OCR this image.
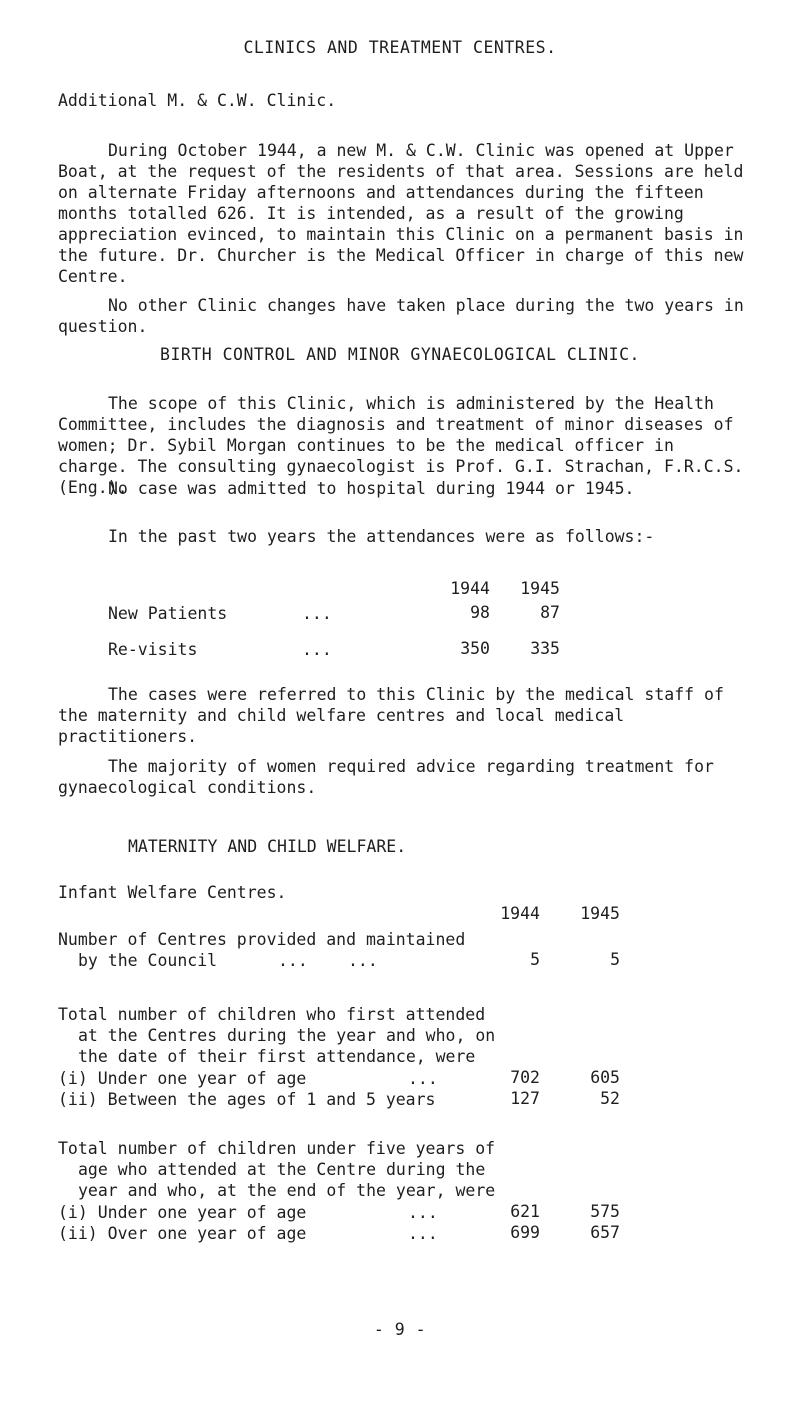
CLINICS AND TREATMENT CENTRES.
Additional M. & C.W. Clinic.

During October 1944, a new M. & C.W. Clinic was opened at Upper Boat, at the request of the residents of that area. Sessions are held on alternate Friday afternoons and attendances during the fifteen months totalled 626. It is intended, as a result of the growing appreciation evinced, to maintain this Clinic on a permanent basis in the future. Dr. Churcher is the Medical Officer in charge of this new Centre.

No other Clinic changes have taken place during the two years in question.

BIRTH CONTROL AND MINOR GYNAECOLOGICAL CLINIC.

The scope of this Clinic, which is administered by the Health Committee, includes the diagnosis and treatment of minor diseases of women; Dr. Sybil Morgan continues to be the medical officer in charge. The consulting gynaecologist is Prof. G.I. Strachan, F.R.C.S.(Eng.).

No case was admitted to hospital during 1944 or 1945.

In the past two years the attendances were as follows:-

1944	1945
New Patients	...	98	87
Re-visits	...	350	335

The cases were referred to this Clinic by the medical staff of the maternity and child welfare centres and local medical practitioners.

The majority of women required advice regarding treatment for gynaecological conditions.

MATERNITY AND CHILD WELFARE.
Infant Welfare Centres.
1944	1945
Number of Centres provided and maintained
by the Council	... ...	5	5
Total number of children who first attended
at the Centres during the year and who, on
the date of their first attendance, were
(i) Under one year of age	...	702	605
(ii) Between the ages of 1 and 5 years	127	52
Total number of children under five years of
age who attended at the Centre during the
year and who, at the end of the year, were
(i) Under one year of age	...	621	575
(ii) Over one year of age	...	699	657
- 9 -
